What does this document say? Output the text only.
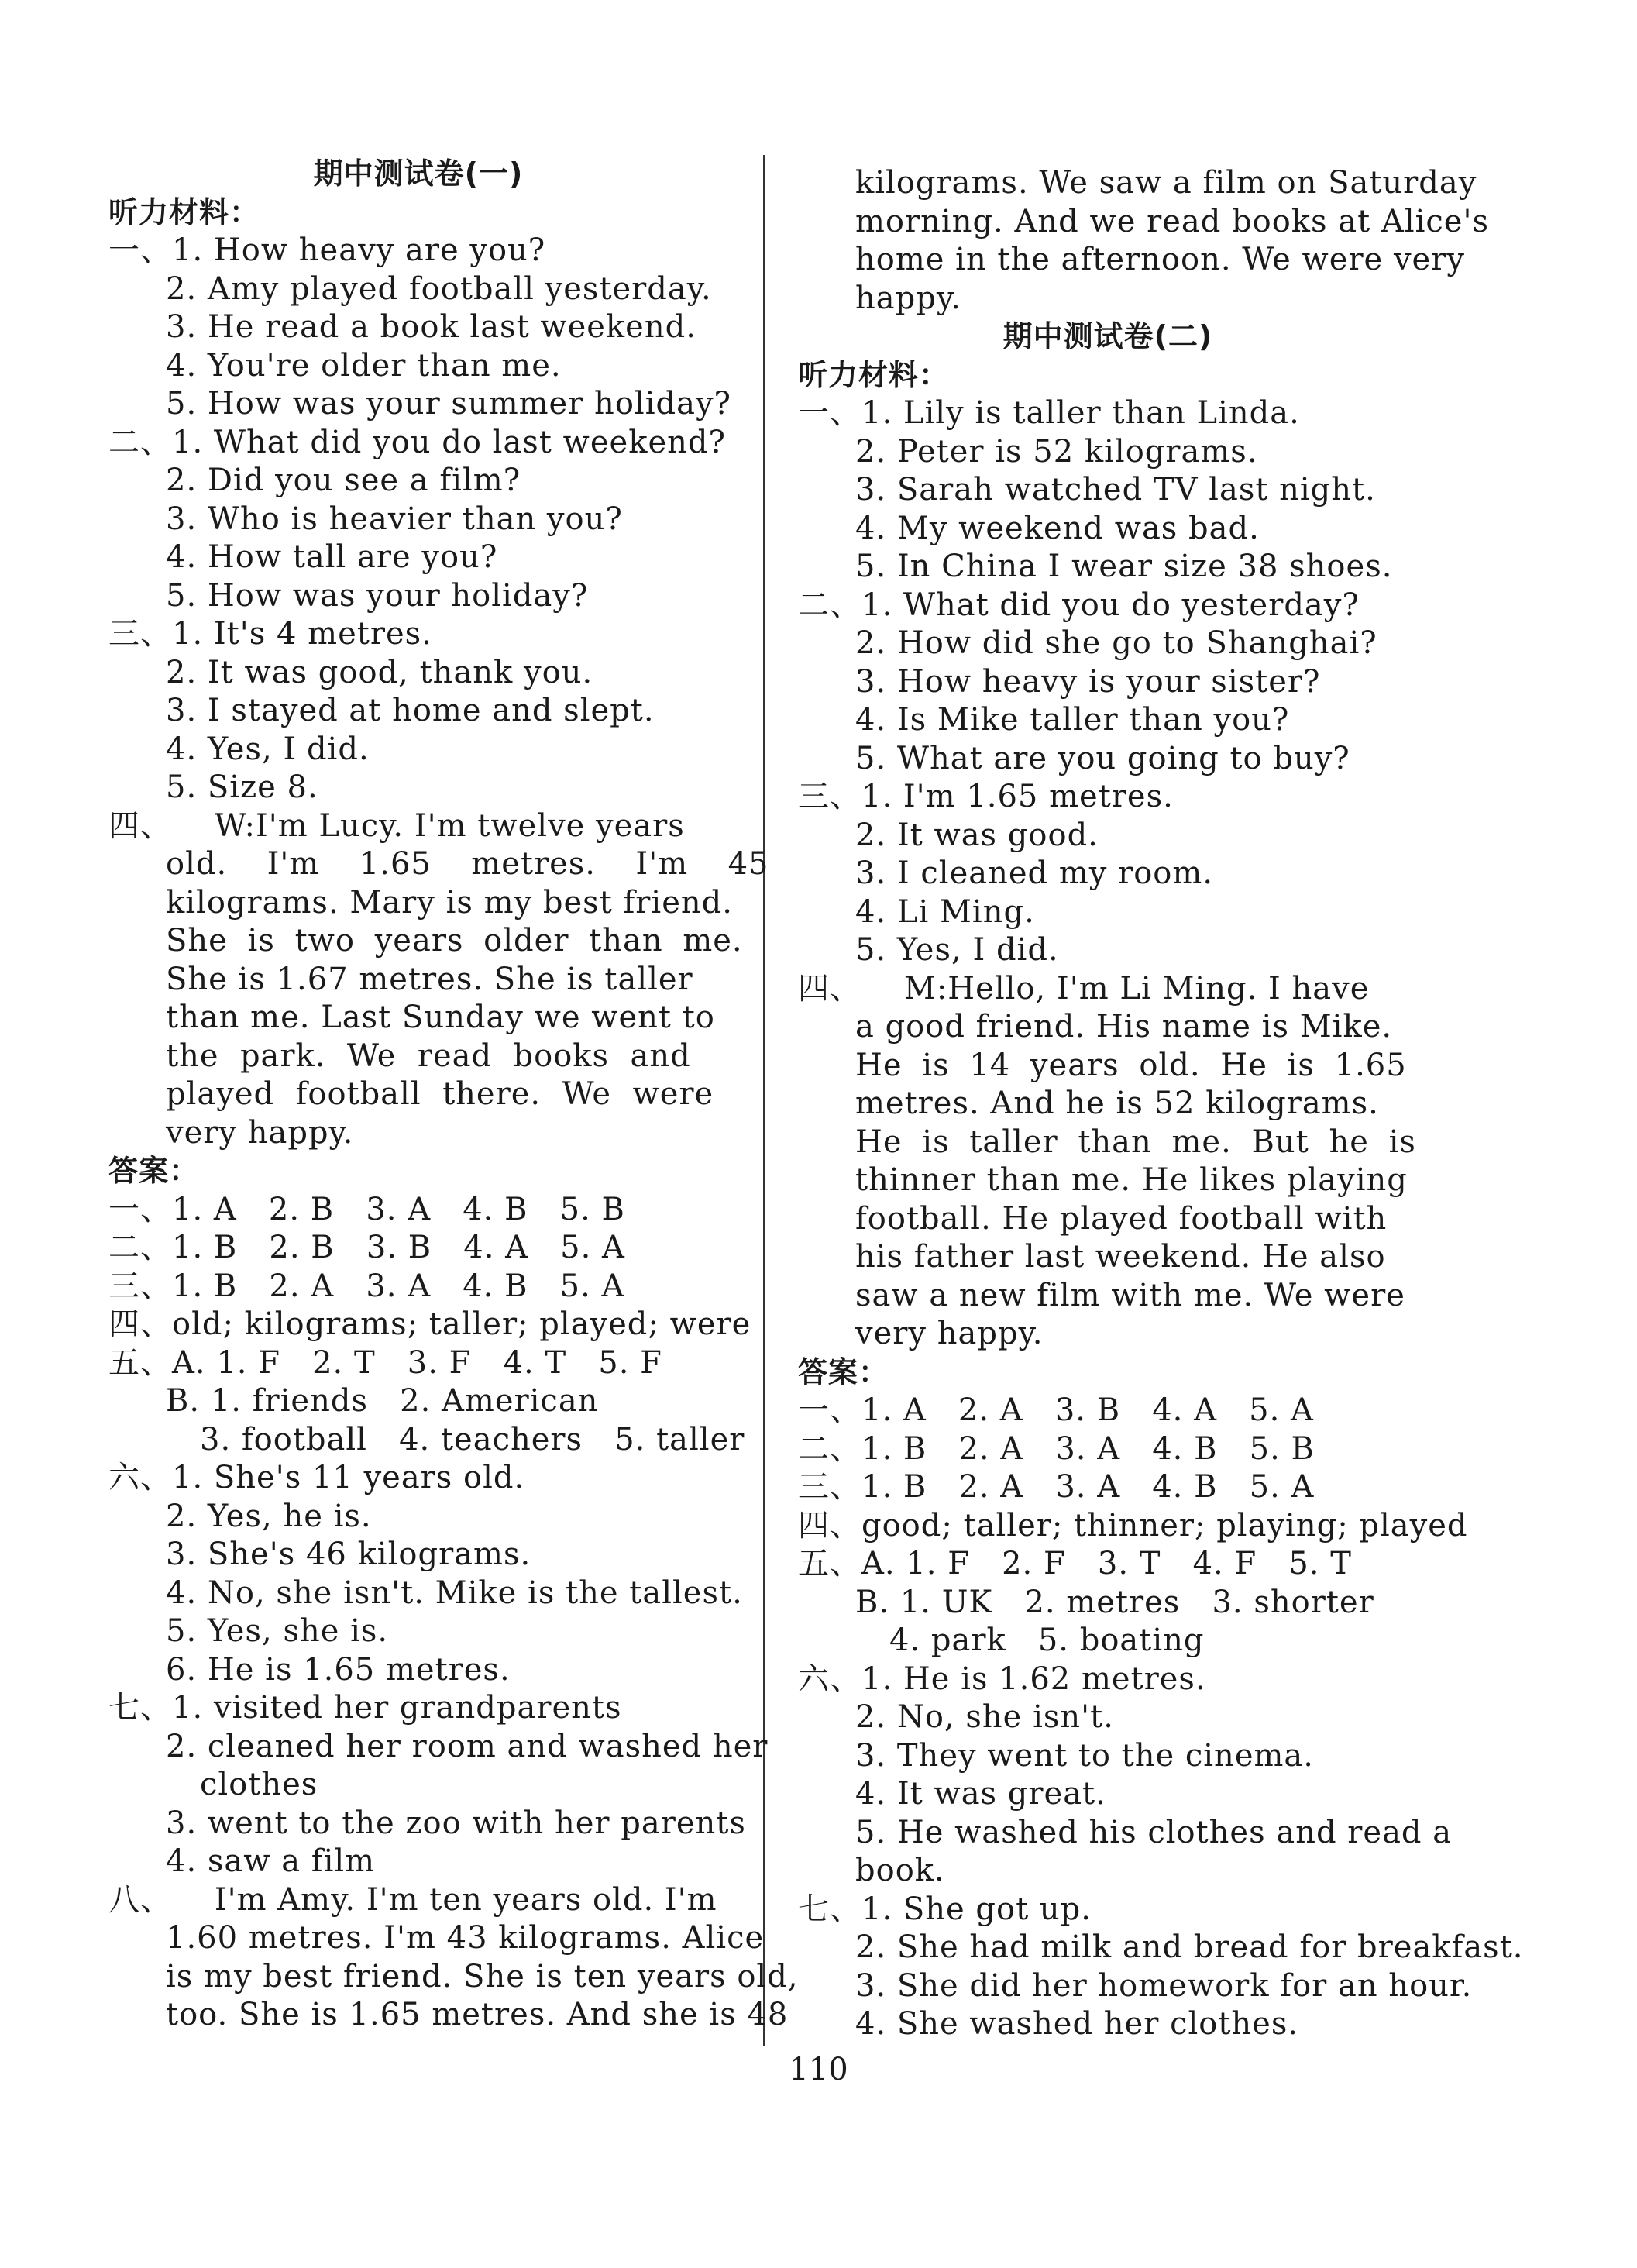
期中测试卷(一)
听力材料：
一、1. How heavy are you?
2. Amy played football yesterday.
3. He read a book last weekend.
4. You're older than me.
5. How was your summer holiday?
二、1. What did you do last weekend?
2. Did you see a film?
3. Who is heavier than you?
4. How tall are you?
5. How was your holiday?
三、1. It's 4 metres.
2. It was good, thank you.
3. I stayed at home and slept.
4. Yes, I did.
5. Size 8.
四、    W:I'm Lucy. I'm twelve years
old.  I'm  1.65  metres.  I'm  45
kilograms. Mary is my best friend.
She is two years older than me.
She is 1.67 metres. She is taller
than me. Last Sunday we went to
the  park.  We  read  books  and
played  football  there.  We  were
very happy.
答案：
一、1. A   2. B   3. A   4. B   5. B
二、1. B   2. B   3. B   4. A   5. A
三、1. B   2. A   3. A   4. B   5. A
四、old; kilograms; taller; played; were
五、A. 1. F   2. T   3. F   4. T   5. F
B. 1. friends   2. American
3. football   4. teachers   5. taller
六、1. She's 11 years old.
2. Yes, he is.
3. She's 46 kilograms.
4. No, she isn't. Mike is the tallest.
5. Yes, she is.
6. He is 1.65 metres.
七、1. visited her grandparents
2. cleaned her room and washed her
clothes
3. went to the zoo with her parents
4. saw a film
八、    I'm Amy. I'm ten years old. I'm
1.60 metres. I'm 43 kilograms. Alice
is my best friend. She is ten years old,
too. She is 1.65 metres. And she is 48
kilograms. We saw a film on Saturday
morning. And we read books at Alice's
home in the afternoon. We were very
happy.
期中测试卷(二)
听力材料：
一、1. Lily is taller than Linda.
2. Peter is 52 kilograms.
3. Sarah watched TV last night.
4. My weekend was bad.
5. In China I wear size 38 shoes.
二、1. What did you do yesterday?
2. How did she go to Shanghai?
3. How heavy is your sister?
4. Is Mike taller than you?
5. What are you going to buy?
三、1. I'm 1.65 metres.
2. It was good.
3. I cleaned my room.
4. Li Ming.
5. Yes, I did.
四、    M:Hello, I'm Li Ming. I have
a good friend. His name is Mike.
He is 14 years old. He is 1.65
metres. And he is 52 kilograms.
He is taller than me. But he is
thinner than me. He likes playing
football. He played football with
his father last weekend. He also
saw a new film with me. We were
very happy.
答案：
一、1. A   2. A   3. B   4. A   5. A
二、1. B   2. A   3. A   4. B   5. B
三、1. B   2. A   3. A   4. B   5. A
四、good; taller; thinner; playing; played
五、A. 1. F   2. F   3. T   4. F   5. T
B. 1. UK   2. metres   3. shorter
4. park   5. boating
六、1. He is 1.62 metres.
2. No, she isn't.
3. They went to the cinema.
4. It was great.
5. He washed his clothes and read a
book.
七、1. She got up.
2. She had milk and bread for breakfast.
3. She did her homework for an hour.
4. She washed her clothes.
110
